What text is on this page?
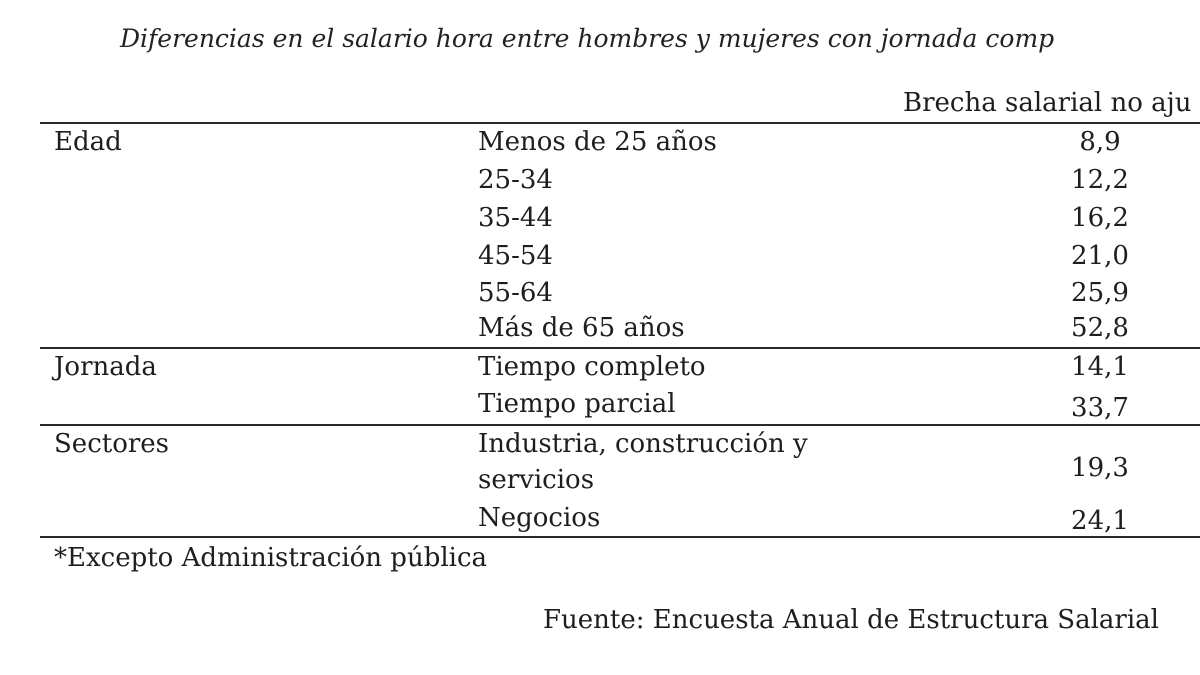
Diferencias en el salario hora entre hombres y mujeres con jornada comp
Brecha salarial no aju
Edad	Menos de 25 años	8,9
25-34	12,2
35-44	16,2
45-54	21,0
55-64	25,9
Más de 65 años	52,8
Jornada	Tiempo completo	14,1
Tiempo parcial	33,7
Sectores	Industria, construcción y
servicios	19,3
Negocios	24,1
*Excepto Administración pública
Fuente: Encuesta Anual de Estructura Salarial
